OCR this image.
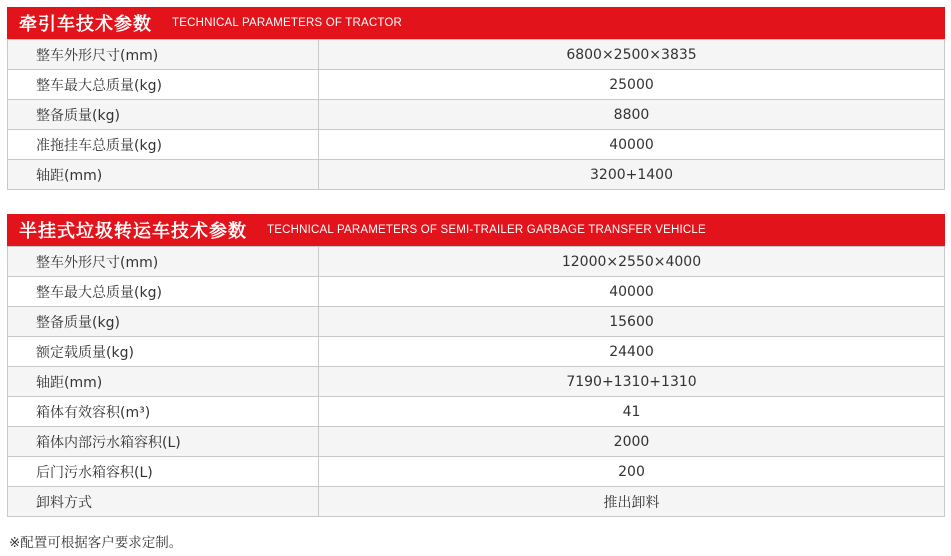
牵引车技术参数 TECHNICAL PARAMETERS OF TRACTOR
整车外形尺寸(mm)	6800×2500×3835
整车最大总质量(kg)	25000
整备质量(kg)	8800
准拖挂车总质量(kg)	40000
轴距(mm)	3200+1400
半挂式垃圾转运车技术参数 TECHNICAL PARAMETERS OF SEMI-TRAILER GARBAGE TRANSFER VEHICLE
整车外形尺寸(mm)	12000×2550×4000
整车最大总质量(kg)	40000
整备质量(kg)	15600
额定载质量(kg)	24400
轴距(mm)	7190+1310+1310
箱体有效容积(m³)	41
箱体内部污水箱容积(L)	2000
后门污水箱容积(L)	200
卸料方式	推出卸料
※配置可根据客户要求定制。
